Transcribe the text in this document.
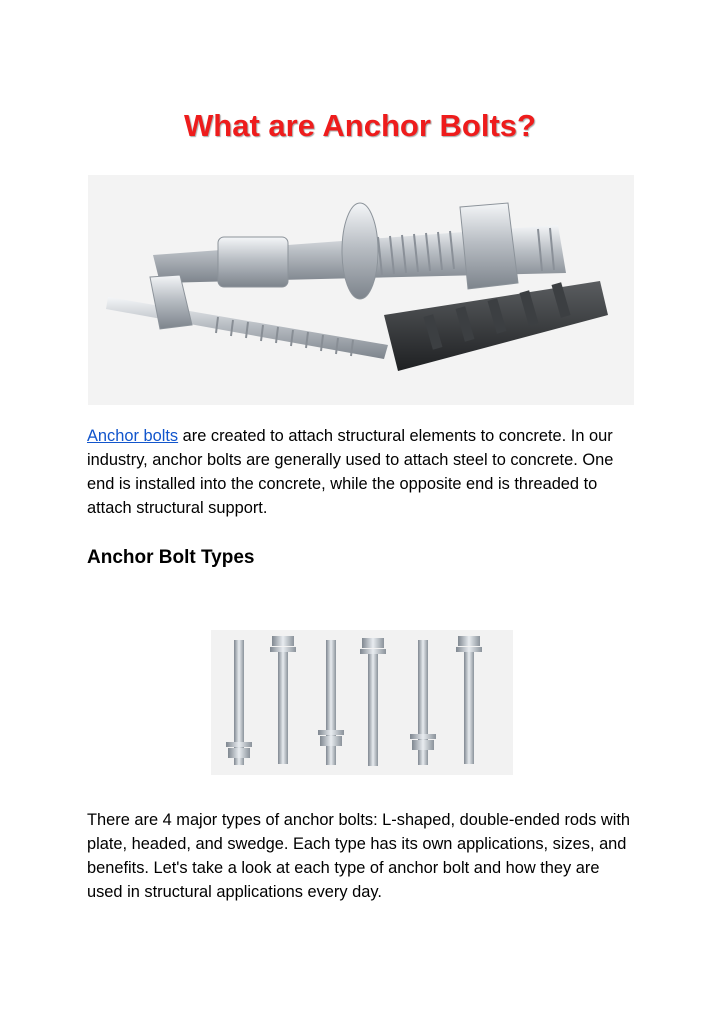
What are Anchor Bolts?

Anchor bolts are created to attach structural elements to concrete. In our industry, anchor bolts are generally used to attach steel to concrete. One end is installed into the concrete, while the opposite end is threaded to attach structural support.

Anchor Bolt Types

There are 4 major types of anchor bolts: L-shaped, double-ended rods with plate, headed, and swedge. Each type has its own applications, sizes, and benefits. Let's take a look at each type of anchor bolt and how they are used in structural applications every day.
